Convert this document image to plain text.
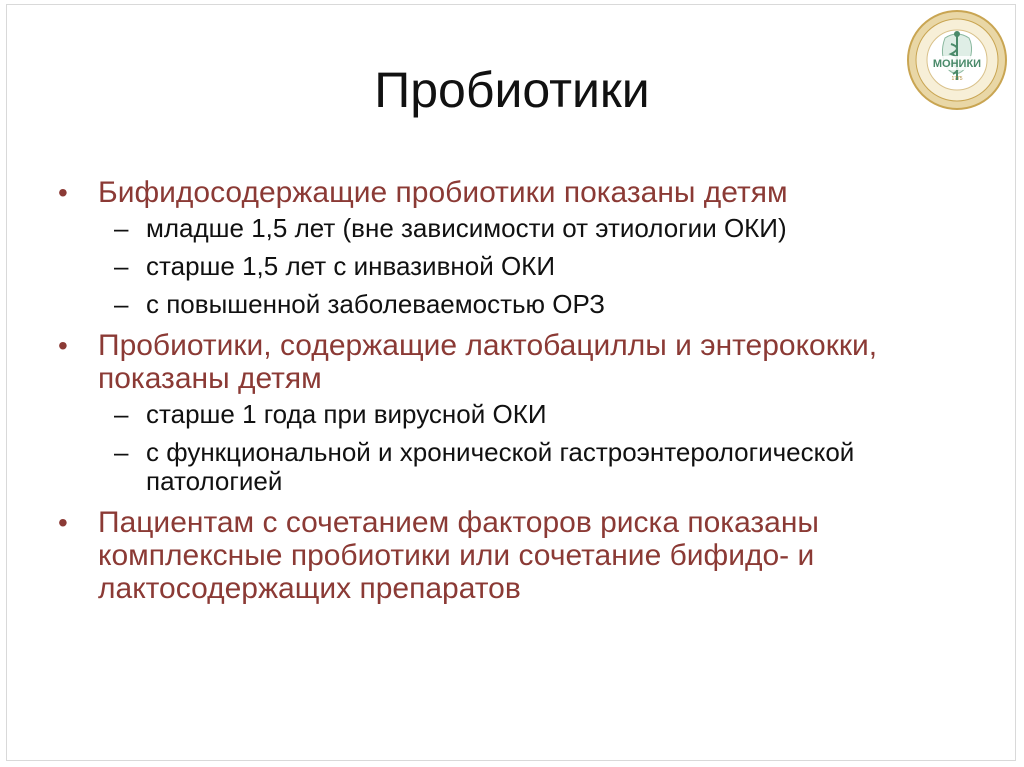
Пробиотики	МОНИКИ
1775
• Бифидосодержащие пробиотики показаны детям
– младше 1,5 лет (вне зависимости от этиологии ОКИ)
– старше 1,5 лет с инвазивной ОКИ
– с повышенной заболеваемостью ОРЗ
• Пробиотики, содержащие лактобациллы и энтерококки, показаны детям
– старше 1 года при вирусной ОКИ
– с функциональной и хронической гастроэнтерологической патологией
• Пациентам с сочетанием факторов риска показаны комплексные пробиотики или сочетание бифидо- и лактосодержащих препаратов
